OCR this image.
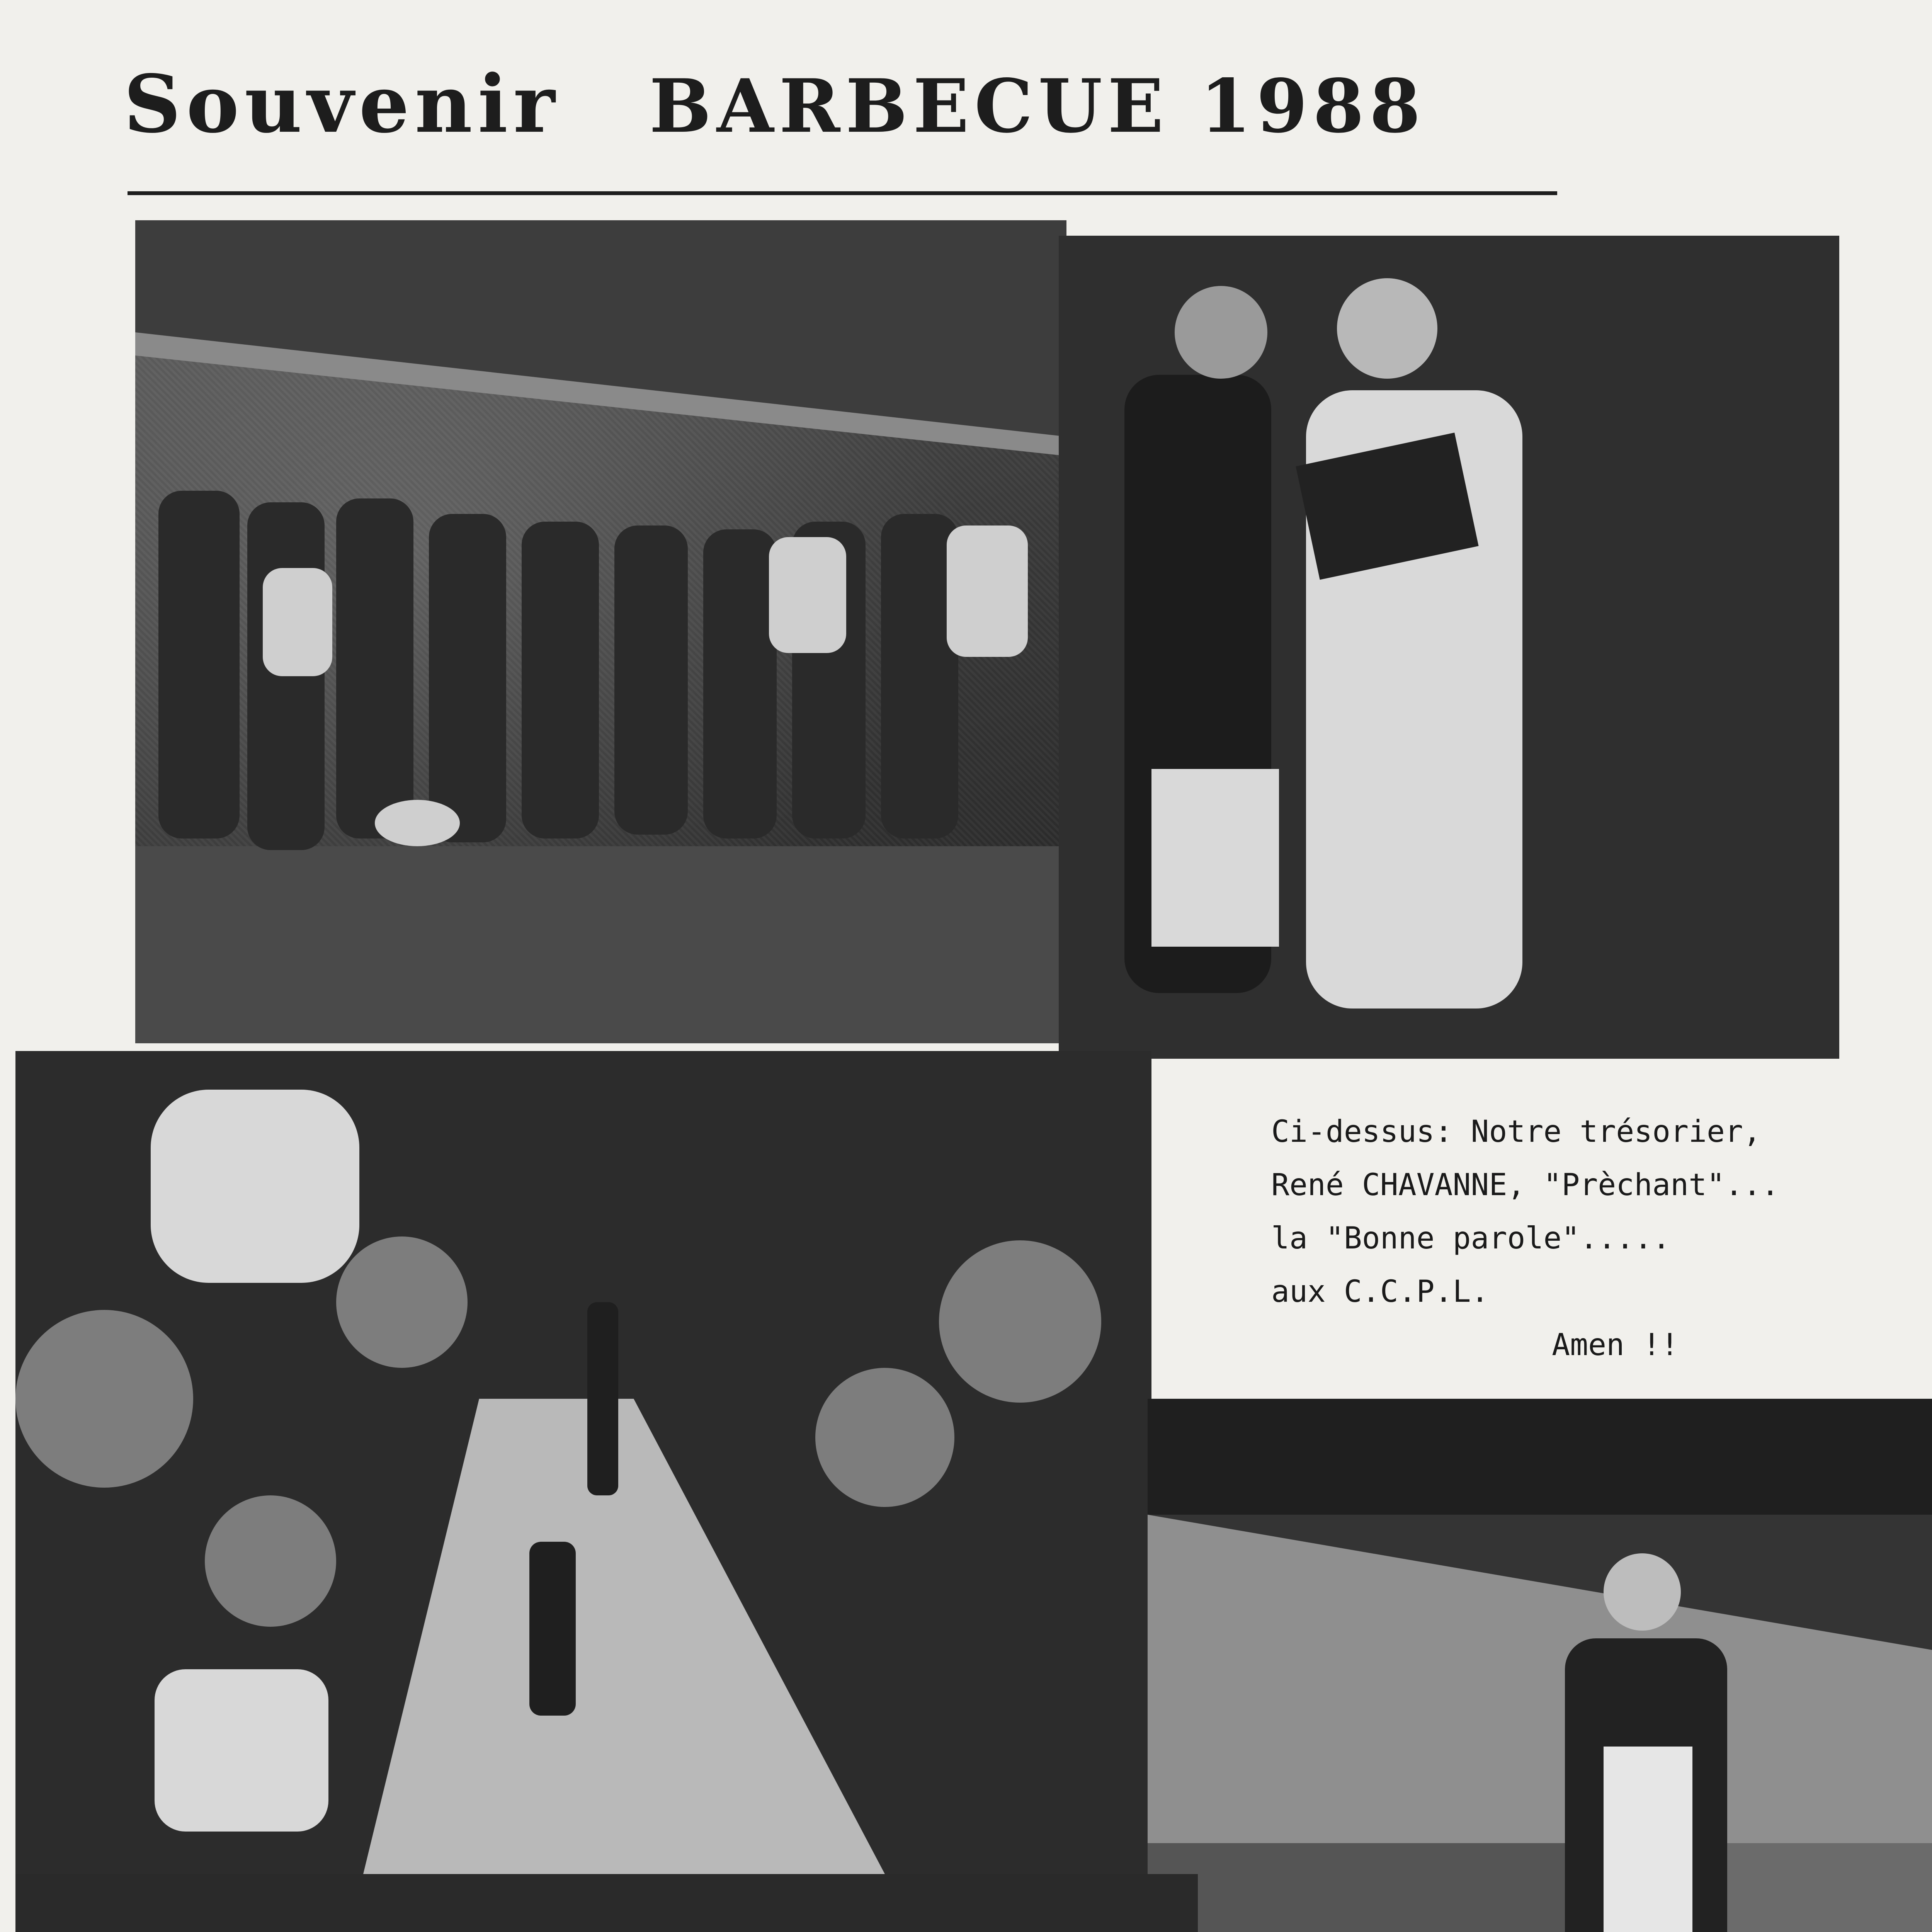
Souvenir BARBECUE 1988
Ci-dessus: Notre trésorier,
René CHAVANNE, "Prèchant"...
la "Bonne parole".....
aux C.C.P.L.
Amen !!
